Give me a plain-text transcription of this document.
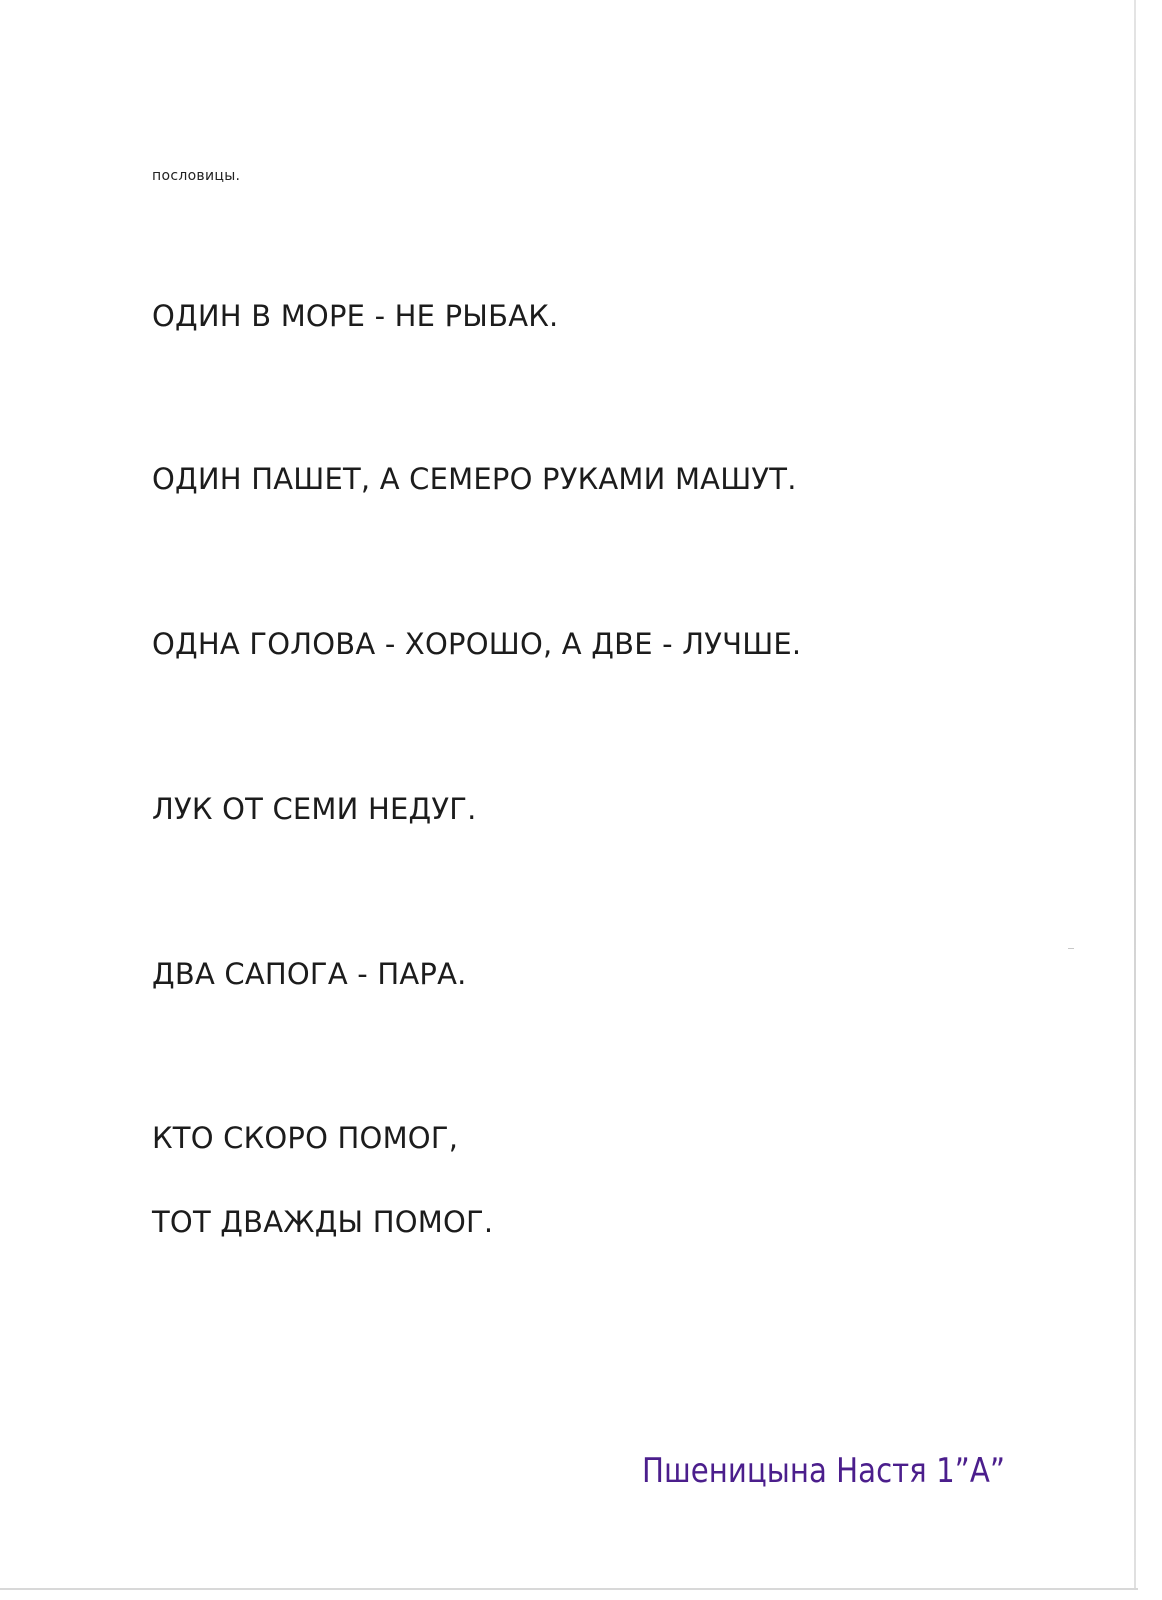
пословицы.
ОДИН В МОРЕ - НЕ РЫБАК.
ОДИН ПАШЕТ, А СЕМЕРО РУКАМИ МАШУТ.
ОДНА ГОЛОВА - ХОРОШО, А ДВЕ - ЛУЧШЕ.
ЛУК ОТ СЕМИ НЕДУГ.
ДВА САПОГА - ПАРА.
КТО СКОРО ПОМОГ,
ТОТ ДВАЖДЫ ПОМОГ.
Пшеницына Настя 1”А”
